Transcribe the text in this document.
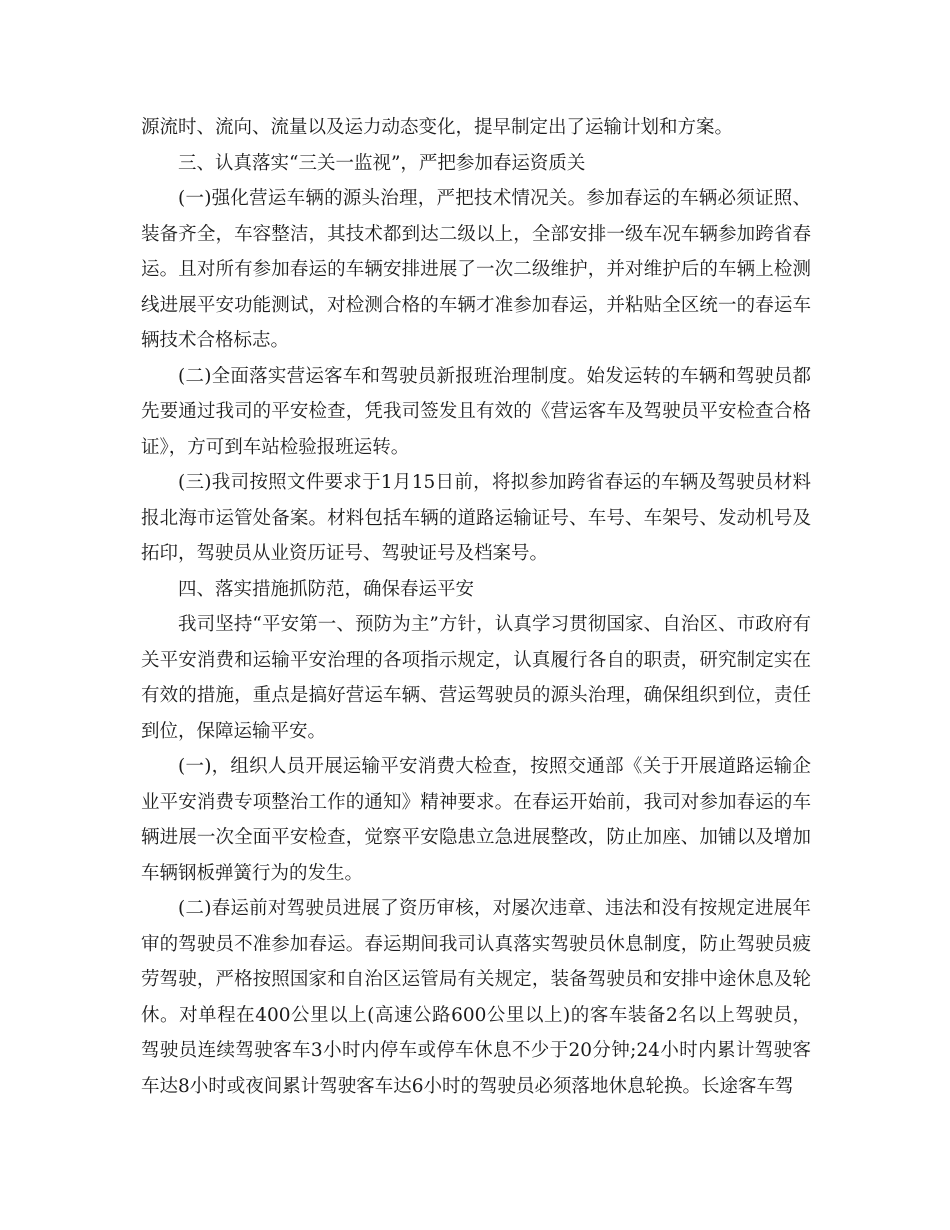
源流时、流向、流量以及运力动态变化，提早制定出了运输计划和方案。

三、认真落实“三关一监视”，严把参加春运资质关

(一)强化营运车辆的源头治理，严把技术情况关。参加春运的车辆必须证照、装备齐全，车容整洁，其技术都到达二级以上，全部安排一级车况车辆参加跨省春运。且对所有参加春运的车辆安排进展了一次二级维护，并对维护后的车辆上检测线进展平安功能测试，对检测合格的车辆才准参加春运，并粘贴全区统一的春运车辆技术合格标志。

(二)全面落实营运客车和驾驶员新报班治理制度。始发运转的车辆和驾驶员都先要通过我司的平安检查，凭我司签发且有效的《营运客车及驾驶员平安检查合格证》，方可到车站检验报班运转。

(三)我司按照文件要求于1月15日前，将拟参加跨省春运的车辆及驾驶员材料报北海市运管处备案。材料包括车辆的道路运输证号、车号、车架号、发动机号及拓印，驾驶员从业资历证号、驾驶证号及档案号。

四、落实措施抓防范，确保春运平安

我司坚持“平安第一、预防为主”方针，认真学习贯彻国家、自治区、市政府有关平安消费和运输平安治理的各项指示规定，认真履行各自的职责，研究制定实在有效的措施，重点是搞好营运车辆、营运驾驶员的源头治理，确保组织到位，责任到位，保障运输平安。

(一)，组织人员开展运输平安消费大检查，按照交通部《关于开展道路运输企业平安消费专项整治工作的通知》精神要求。在春运开始前，我司对参加春运的车辆进展一次全面平安检查，觉察平安隐患立急进展整改，防止加座、加铺以及增加车辆钢板弹簧行为的发生。

(二)春运前对驾驶员进展了资历审核，对屡次违章、违法和没有按规定进展年审的驾驶员不准参加春运。春运期间我司认真落实驾驶员休息制度，防止驾驶员疲劳驾驶，严格按照国家和自治区运管局有关规定，装备驾驶员和安排中途休息及轮休。对单程在400公里以上(高速公路600公里以上)的客车装备2名以上驾驶员，驾驶员连续驾驶客车3小时内停车或停车休息不少于20分钟;24小时内累计驾驶客车达8小时或夜间累计驾驶客车达6小时的驾驶员必须落地休息轮换。长途客车驾
